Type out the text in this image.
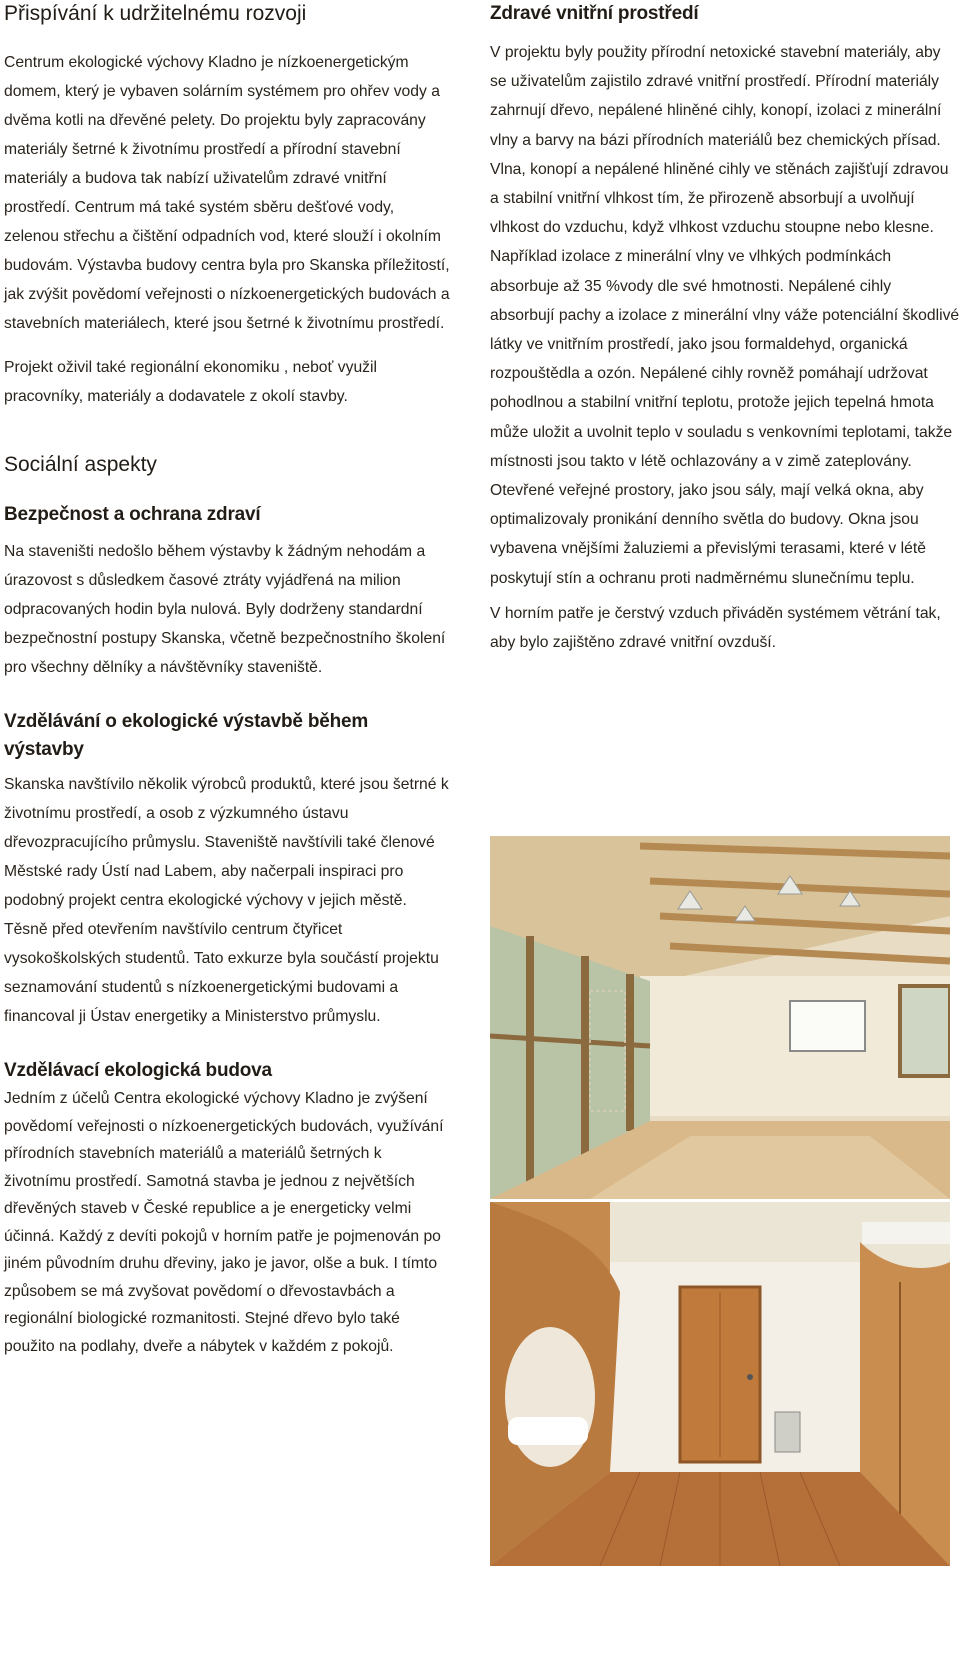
Přispívání k udržitelnému rozvoji

Centrum ekologické výchovy Kladno je nízkoenergetickým domem, který je vybaven solárním systémem pro ohřev vody a dvěma kotli na dřevěné pelety. Do projektu byly zapracovány materiály šetrné k životnímu prostředí a přírodní stavební materiály a budova tak nabízí uživatelům zdravé vnitřní prostředí. Centrum má také systém sběru dešťové vody, zelenou střechu a čištění odpadních vod, které slouží i okolním budovám. Výstavba budovy centra byla pro Skanska příležitostí, jak zvýšit povědomí veřejnosti o nízkoenergetických budovách a stavebních materiálech, které jsou šetrné k životnímu prostředí.

Projekt oživil také regionální ekonomiku , neboť využil pracovníky, materiály a dodavatele z okolí stavby.

Sociální aspekty
Bezpečnost a ochrana zdraví

Na staveništi nedošlo během výstavby k žádným nehodám a úrazovost s důsledkem časové ztráty vyjádřená na milion odpracovaných hodin byla nulová. Byly dodrženy standardní bezpečnostní postupy Skanska, včetně bezpečnostního školení pro všechny dělníky a návštěvníky staveniště.

Vzdělávání o ekologické výstavbě během výstavby

Skanska navštívilo několik výrobců produktů, které jsou šetrné k životnímu prostředí, a osob z výzkumného ústavu dřevozpracujícího průmyslu. Staveniště navštívili také členové Městské rady Ústí nad Labem, aby načerpali inspiraci pro podobný projekt centra ekologické výchovy v jejich městě. Těsně před otevřením navštívilo centrum čtyřicet vysokoškolských studentů. Tato exkurze byla součástí projektu seznamování studentů s nízkoenergetickými budovami a financoval ji Ústav energetiky a Ministerstvo průmyslu.

Vzdělávací ekologická budova

Jedním z účelů Centra ekologické výchovy Kladno je zvýšení povědomí veřejnosti o nízkoenergetických budovách, využívání přírodních stavebních materiálů a materiálů šetrných k životnímu prostředí. Samotná stavba je jednou z největších dřevěných staveb v České republice a je energeticky velmi účinná. Každý z devíti pokojů v horním patře je pojmenován po jiném původním druhu dřeviny, jako je javor, olše a buk. I tímto způsobem se má zvyšovat povědomí o dřevostavbách a regionální biologické rozmanitosti. Stejné dřevo bylo také použito na podlahy, dveře a nábytek v každém z pokojů.

Zdravé vnitřní prostředí

V projektu byly použity přírodní netoxické stavební materiály, aby se uživatelům zajistilo zdravé vnitřní prostředí. Přírodní materiály zahrnují dřevo, nepálené hliněné cihly, konopí, izolaci z minerální vlny a barvy na bázi přírodních materiálů bez chemických přísad. Vlna, konopí a nepálené hliněné cihly ve stěnách zajišťují zdravou a stabilní vnitřní vlhkost tím, že přirozeně absorbují a uvolňují vlhkost do vzduchu, když vlhkost vzduchu stoupne nebo klesne. Například izolace z minerální vlny ve vlhkých podmínkách absorbuje až 35 %vody dle své hmotnosti. Nepálené cihly absorbují pachy a izolace z minerální vlny váže potenciální škodlivé látky ve vnitřním prostředí, jako jsou formaldehyd, organická rozpouštědla a ozón. Nepálené cihly rovněž pomáhají udržovat pohodlnou a stabilní vnitřní teplotu, protože jejich tepelná hmota může uložit a uvolnit teplo v souladu s venkovními teplotami, takže místnosti jsou takto v létě ochlazovány a v zimě zateplovány. Otevřené veřejné prostory, jako jsou sály, mají velká okna, aby optimalizovaly pronikání denního světla do budovy. Okna jsou vybavena vnějšími žaluziemi a převislými terasami, které v létě poskytují stín a ochranu proti nadměrnému slunečnímu teplu.

V horním patře je čerstvý vzduch přiváděn systémem větrání tak, aby bylo zajištěno zdravé vnitřní ovzduší.
